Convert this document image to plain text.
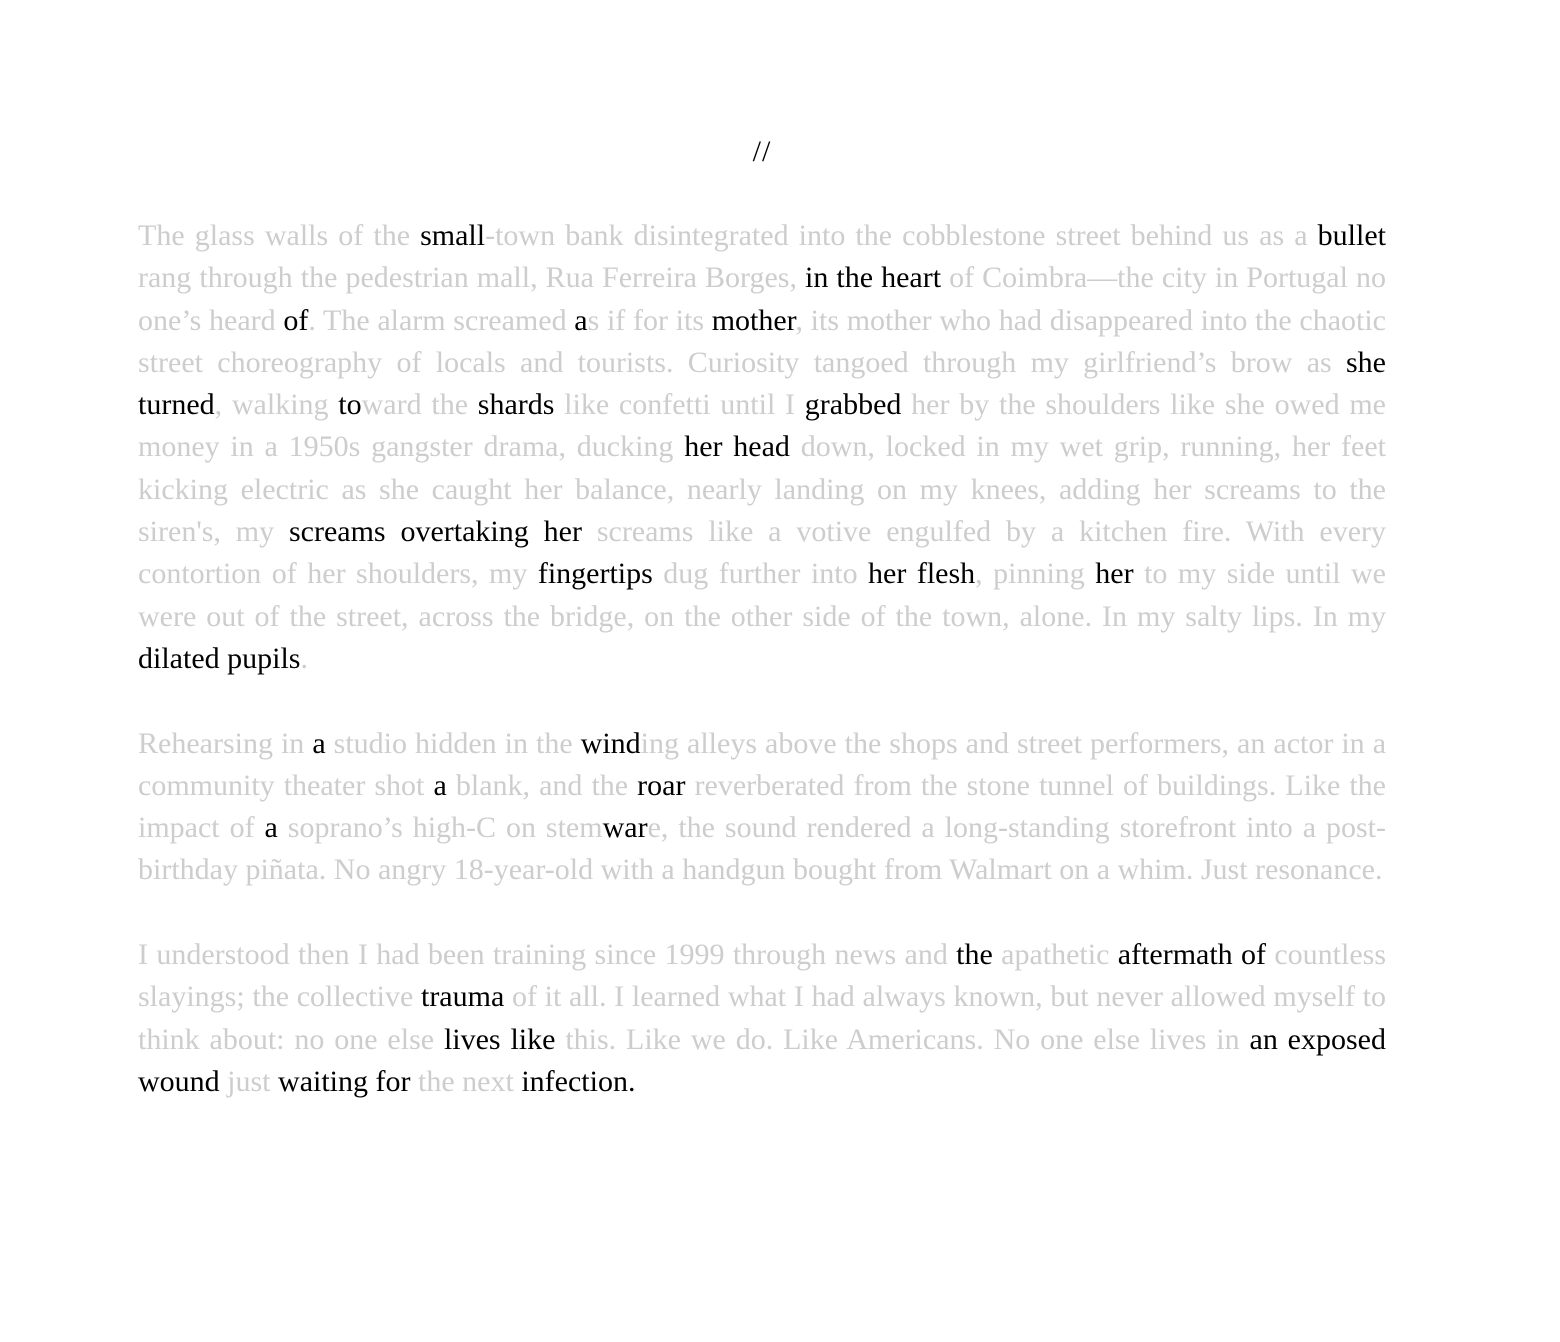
//

The glass walls of the small-town bank disintegrated into the cobblestone street behind us as a bullet rang through the pedestrian mall, Rua Ferreira Borges, in the heart of Coimbra—the city in Portugal no one’s heard of. The alarm screamed as if for its mother, its mother who had disappeared into the chaotic street choreography of locals and tourists. Curiosity tangoed through my girlfriend’s brow as she turned, walking toward the shards like confetti until I grabbed her by the shoulders like she owed me money in a 1950s gangster drama, ducking her head down, locked in my wet grip, running, her feet kicking electric as she caught her balance, nearly landing on my knees, adding her screams to the siren's, my screams overtaking her screams like a votive engulfed by a kitchen fire. With every contortion of her shoulders, my fingertips dug further into her flesh, pinning her to my side until we were out of the street, across the bridge, on the other side of the town, alone. In my salty lips. In my dilated pupils.

Rehearsing in a studio hidden in the winding alleys above the shops and street performers, an actor in a community theater shot a blank, and the roar reverberated from the stone tunnel of buildings. Like the impact of a soprano’s high-C on stemware, the sound rendered a long-standing storefront into a post-birthday piñata. No angry 18-year-old with a handgun bought from Walmart on a whim. Just resonance.

I understood then I had been training since 1999 through news and the apathetic aftermath of countless slayings; the collective trauma of it all. I learned what I had always known, but never allowed myself to think about: no one else lives like this. Like we do. Like Americans. No one else lives in an exposed wound just waiting for the next infection.
